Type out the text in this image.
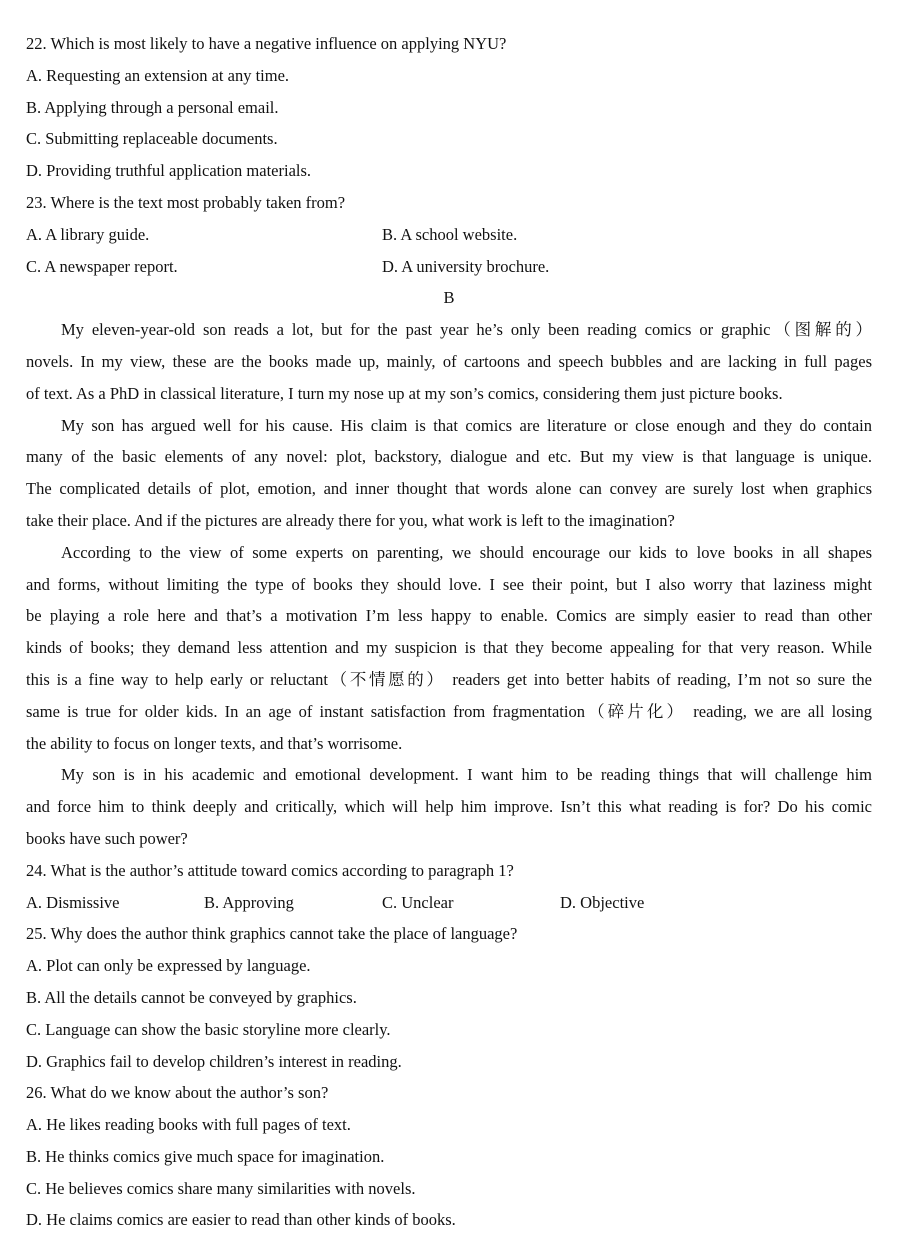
22. Which is most likely to have a negative influence on applying NYU?
A. Requesting an extension at any time.
B. Applying through a personal email.
C. Submitting replaceable documents.
D. Providing truthful application materials.
23. Where is the text most probably taken from?
A. A library guide.	B. A school website.
C. A newspaper report.	D. A university brochure.
B
My eleven-year-old son reads a lot, but for the past year he’s only been reading comics or graphic（图解的）
novels. In my view, these are the books made up, mainly, of cartoons and speech bubbles and are lacking in full pages
of text. As a PhD in classical literature, I turn my nose up at my son’s comics, considering them just picture books.
My son has argued well for his cause. His claim is that comics are literature or close enough and they do contain
many of the basic elements of any novel: plot, backstory, dialogue and etc. But my view is that language is unique.
The complicated details of plot, emotion, and inner thought that words alone can convey are surely lost when graphics
take their place. And if the pictures are already there for you, what work is left to the imagination?
According to the view of some experts on parenting, we should encourage our kids to love books in all shapes
and forms, without limiting the type of books they should love. I see their point, but I also worry that laziness might
be playing a role here and that’s a motivation I’m less happy to enable. Comics are simply easier to read than other
kinds of books; they demand less attention and my suspicion is that they become appealing for that very reason. While
this is a fine way to help early or reluctant（不情愿的） readers get into better habits of reading, I’m not so sure the
same is true for older kids. In an age of instant satisfaction from fragmentation（碎片化） reading, we are all losing
the ability to focus on longer texts, and that’s worrisome.
My son is in his academic and emotional development. I want him to be reading things that will challenge him
and force him to think deeply and critically, which will help him improve. Isn’t this what reading is for? Do his comic
books have such power?
24. What is the author’s attitude toward comics according to paragraph 1?
A. Dismissive	B. Approving	C. Unclear	D. Objective
25. Why does the author think graphics cannot take the place of language?
A. Plot can only be expressed by language.
B. All the details cannot be conveyed by graphics.
C. Language can show the basic storyline more clearly.
D. Graphics fail to develop children’s interest in reading.
26. What do we know about the author’s son?
A. He likes reading books with full pages of text.
B. He thinks comics give much space for imagination.
C. He believes comics share many similarities with novels.
D. He claims comics are easier to read than other kinds of books.
